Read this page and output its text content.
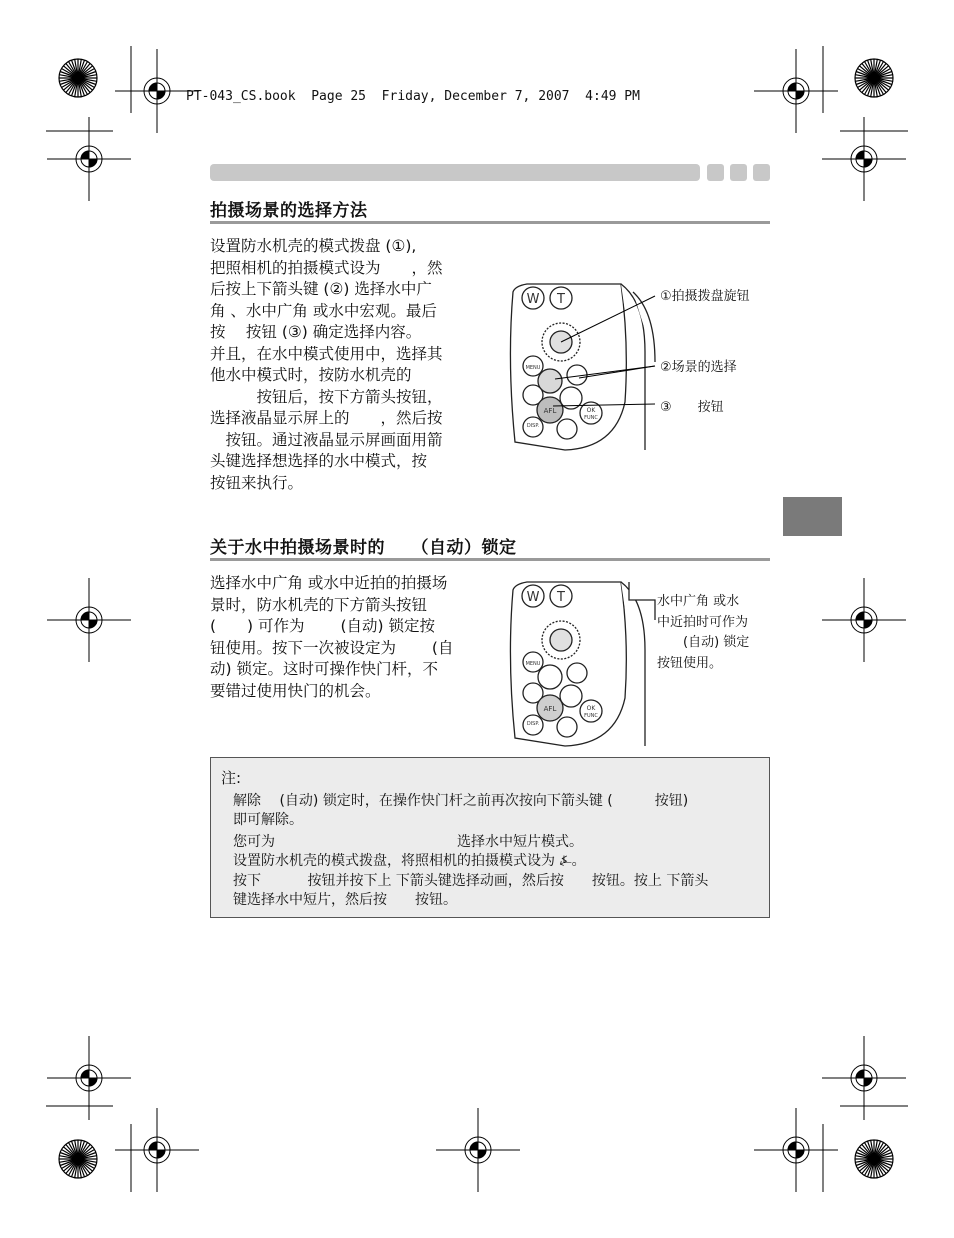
PT-043_CS.book  Page 25  Friday, December 7, 2007  4:49 PM
拍摄场景的选择方法

设置防水机壳的模式拨盘 (①),

把照相机的拍摄模式设为　　，然

后按上下箭头键 (②) 选择水中广

角 、水中广角 或水中宏观。最后

按　 按钮 (③) 确定选择内容。

并且，在水中模式使用中，选择其

他水中模式时，按防水机壳的

　　　按钮后，按下方箭头按钮，

选择液晶显示屏上的　　，然后按

　按钮。通过液晶显示屏画面用箭

头键选择想选择的水中模式，按

按钮来执行。

W T
MENU
AFL	OK
FUNC
DISP.
①拍摄拨盘旋钮
②场景的选择
③　　按钮
关于水中拍摄场景时的　　（自动）锁定

选择水中广角 或水中近拍的拍摄场

景时，防水机壳的下方箭头按钮

(　　) 可作为　　 (自动) 锁定按

钮使用。按下一次被设定为　　 (自

动) 锁定。这时可操作快门杆，不

要错过使用快门的机会。

W T
MENU
AFL	OK
FUNC
DISP.
水中广角 或水
中近拍时可作为
　　(自动) 锁定
按钮使用。
注:
解除　 (自动) 锁定时，在操作快门杆之前再次按向下箭头键 (　　　按钮)
即可解除。
您可为　　　　　　　　　　　　　选择水中短片模式。
设置防水机壳的模式拨盘，将照相机的拍摄模式设为 ⍼。
按下　　　 按钮并按下上 下箭头键选择动画，然后按　　按钮。按上 下箭头
键选择水中短片，然后按　　按钮。
